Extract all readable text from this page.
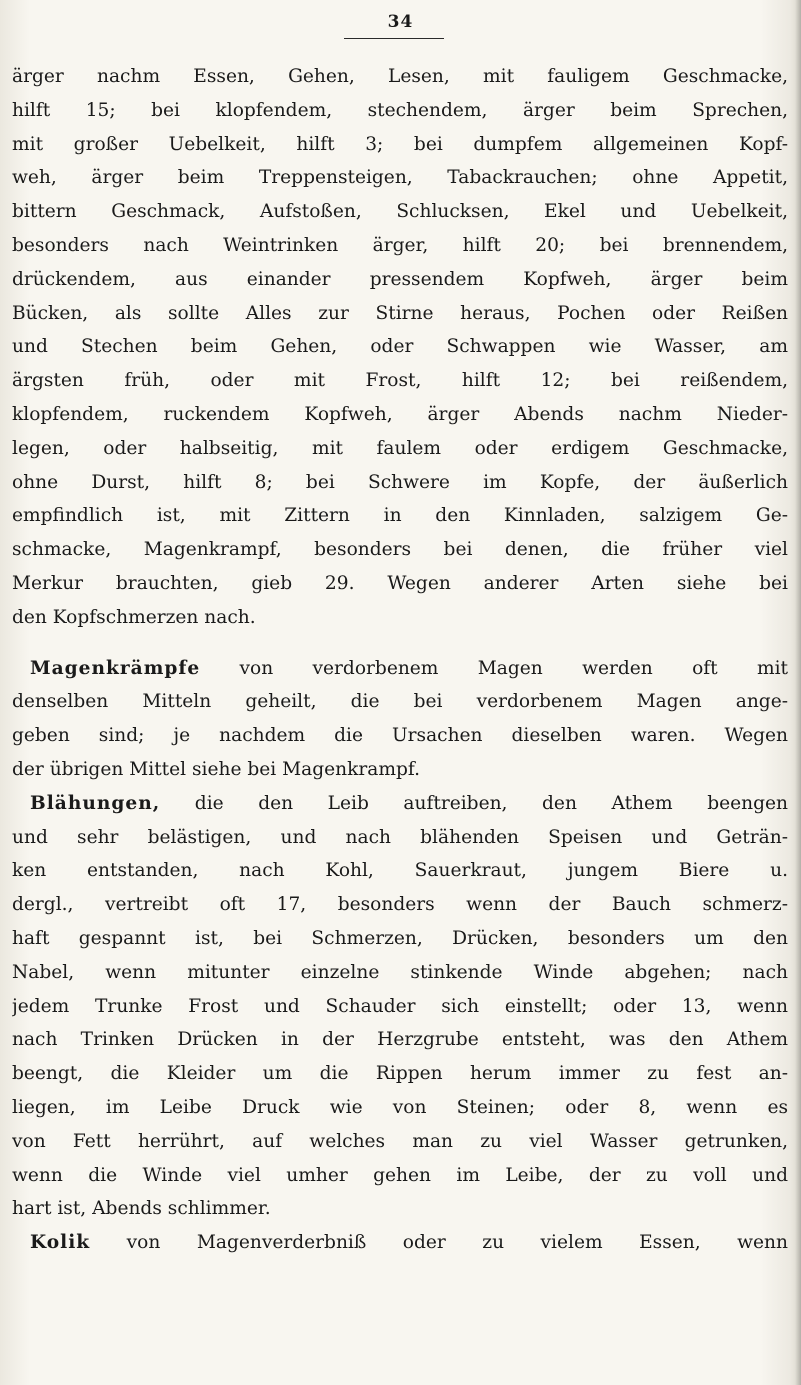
34
ärger nachm Essen, Gehen, Lesen, mit fauligem Geschmacke,
hilft 15; bei klopfendem, stechendem, ärger beim Sprechen,
mit großer Uebelkeit, hilft 3; bei dumpfem allgemeinen Kopf-
weh, ärger beim Treppensteigen, Tabackrauchen; ohne Appetit,
bittern Geschmack, Aufstoßen, Schlucksen, Ekel und Uebelkeit,
besonders nach Weintrinken ärger, hilft 20; bei brennendem,
drückendem, aus einander pressendem Kopfweh, ärger beim
Bücken, als sollte Alles zur Stirne heraus, Pochen oder Reißen
und Stechen beim Gehen, oder Schwappen wie Wasser, am
ärgsten früh, oder mit Frost, hilft 12; bei reißendem,
klopfendem, ruckendem Kopfweh, ärger Abends nachm Nieder-
legen, oder halbseitig, mit faulem oder erdigem Geschmacke,
ohne Durst, hilft 8; bei Schwere im Kopfe, der äußerlich
empfindlich ist, mit Zittern in den Kinnladen, salzigem Ge-
schmacke, Magenkrampf, besonders bei denen, die früher viel
Merkur brauchten, gieb 29. Wegen anderer Arten siehe bei
den Kopfschmerzen nach.
Magenkrämpfe von verdorbenem Magen werden oft mit
denselben Mitteln geheilt, die bei verdorbenem Magen ange-
geben sind; je nachdem die Ursachen dieselben waren. Wegen
der übrigen Mittel siehe bei Magenkrampf.
Blähungen, die den Leib auftreiben, den Athem beengen
und sehr belästigen, und nach blähenden Speisen und Geträn-
ken entstanden, nach Kohl, Sauerkraut, jungem Biere u.
dergl., vertreibt oft 17, besonders wenn der Bauch schmerz-
haft gespannt ist, bei Schmerzen, Drücken, besonders um den
Nabel, wenn mitunter einzelne stinkende Winde abgehen; nach
jedem Trunke Frost und Schauder sich einstellt; oder 13, wenn
nach Trinken Drücken in der Herzgrube entsteht, was den Athem
beengt, die Kleider um die Rippen herum immer zu fest an-
liegen, im Leibe Druck wie von Steinen; oder 8, wenn es
von Fett herrührt, auf welches man zu viel Wasser getrunken,
wenn die Winde viel umher gehen im Leibe, der zu voll und
hart ist, Abends schlimmer.
Kolik von Magenverderbniß oder zu vielem Essen, wenn
